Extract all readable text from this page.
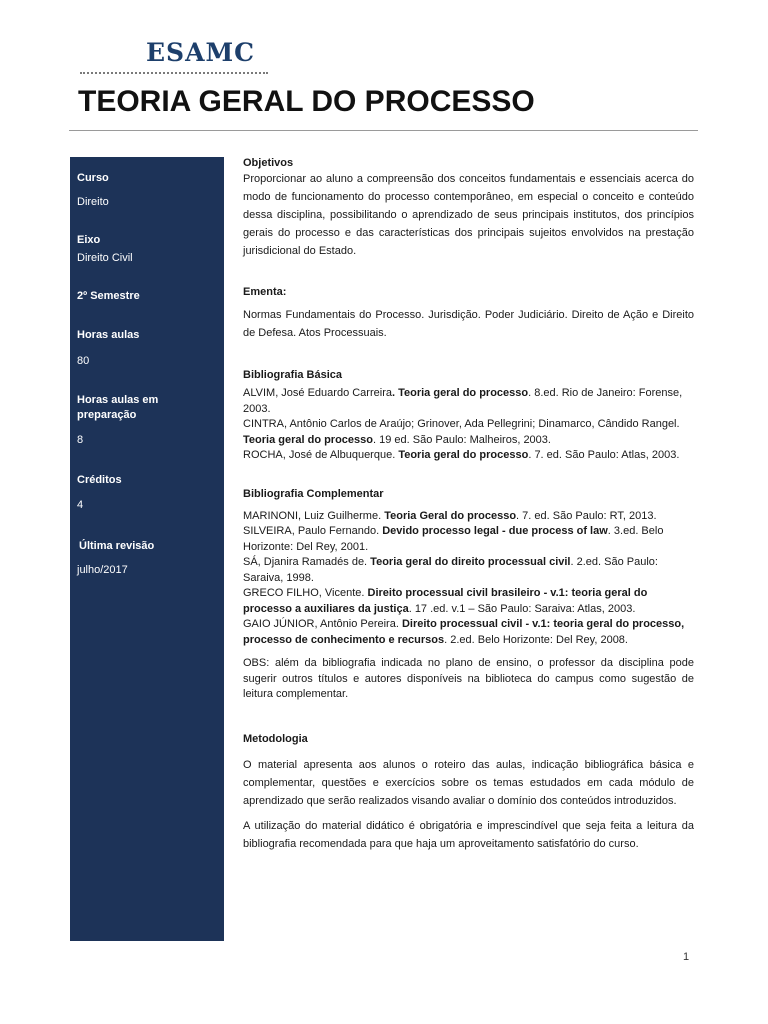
ESAMC
TEORIA GERAL DO PROCESSO
Curso
Direito
Eixo
Direito Civil
2º Semestre
Horas aulas
80
Horas aulas em
preparação
8
Créditos
4
Última revisão
julho/2017
Objetivos

Proporcionar ao aluno a compreensão dos conceitos fundamentais e essenciais acerca do modo de funcionamento do processo contemporâneo, em especial o conceito e conteúdo dessa disciplina, possibilitando o aprendizado de seus principais institutos, dos princípios gerais do processo e das características dos principais sujeitos envolvidos na prestação jurisdicional do Estado.

Ementa:

Normas Fundamentais do Processo. Jurisdição. Poder Judiciário. Direito de Ação e Direito de Defesa. Atos Processuais.

Bibliografia Básica

ALVIM, José Eduardo Carreira. Teoria geral do processo. 8.ed. Rio de Janeiro: Forense, 2003.

CINTRA, Antônio Carlos de Araújo; Grinover, Ada Pellegrini; Dinamarco, Cândido Rangel. Teoria geral do processo. 19 ed. São Paulo: Malheiros, 2003.

ROCHA, José de Albuquerque. Teoria geral do processo. 7. ed. São Paulo: Atlas, 2003.

Bibliografia Complementar

MARINONI, Luiz Guilherme. Teoria Geral do processo. 7. ed. São Paulo: RT, 2013.

SILVEIRA, Paulo Fernando. Devido processo legal - due process of law. 3.ed. Belo Horizonte: Del Rey, 2001.

SÁ, Djanira Ramadés de. Teoria geral do direito processual civil. 2.ed. São Paulo: Saraiva, 1998.

GRECO FILHO, Vicente. Direito processual civil brasileiro - v.1: teoria geral do processo a auxiliares da justiça. 17 .ed. v.1 – São Paulo: Saraiva: Atlas, 2003.

GAIO JÚNIOR, Antônio Pereira. Direito processual civil - v.1: teoria geral do processo, processo de conhecimento e recursos. 2.ed. Belo Horizonte: Del Rey, 2008.

OBS: além da bibliografia indicada no plano de ensino, o professor da disciplina pode sugerir outros títulos e autores disponíveis na biblioteca do campus como sugestão de leitura complementar.

Metodologia

O material apresenta aos alunos o roteiro das aulas, indicação bibliográfica básica e complementar, questões e exercícios sobre os temas estudados em cada módulo de aprendizado que serão realizados visando avaliar o domínio dos conteúdos introduzidos.

A utilização do material didático é obrigatória e imprescindível que seja feita a leitura da bibliografia recomendada para que haja um aproveitamento satisfatório do curso.

1
